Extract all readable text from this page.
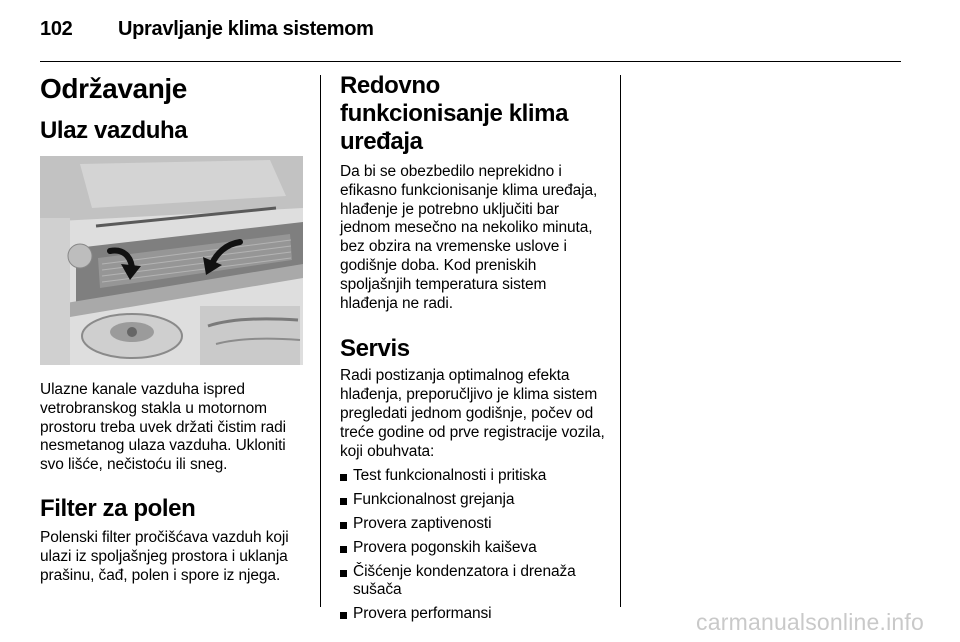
102 Upravljanje klima sistemom
Održavanje
Ulaz vazduha

Ulazne kanale vazduha ispred vetrobranskog stakla u motornom prostoru treba uvek držati čistim radi nesmetanog ulaza vazduha. Ukloniti svo lišće, nečistoću ili sneg.

Filter za polen

Polenski filter pročišćava vazduh koji ulazi iz spoljašnjeg prostora i uklanja prašinu, čađ, polen i spore iz njega.

Redovno funkcionisanje klima uređaja

Da bi se obezbedilo neprekidno i efikasno funkcionisanje klima uređaja, hlađenje je potrebno uključiti bar jednom mesečno na nekoliko minuta, bez obzira na vremenske uslove i godišnje doba. Kod preniskih spoljašnjih temperatura sistem hlađenja ne radi.

Servis

Radi postizanja optimalnog efekta hlađenja, preporučljivo je klima sistem pregledati jednom godišnje, počev od treće godine od prve registracije vozila, koji obuhvata:

Test funkcionalnosti i pritiska
Funkcionalnost grejanja
Provera zaptivenosti
Provera pogonskih kaiševa
Čišćenje kondenzatora i drenaža sušača
Provera performansi	carmanualsonline.info
